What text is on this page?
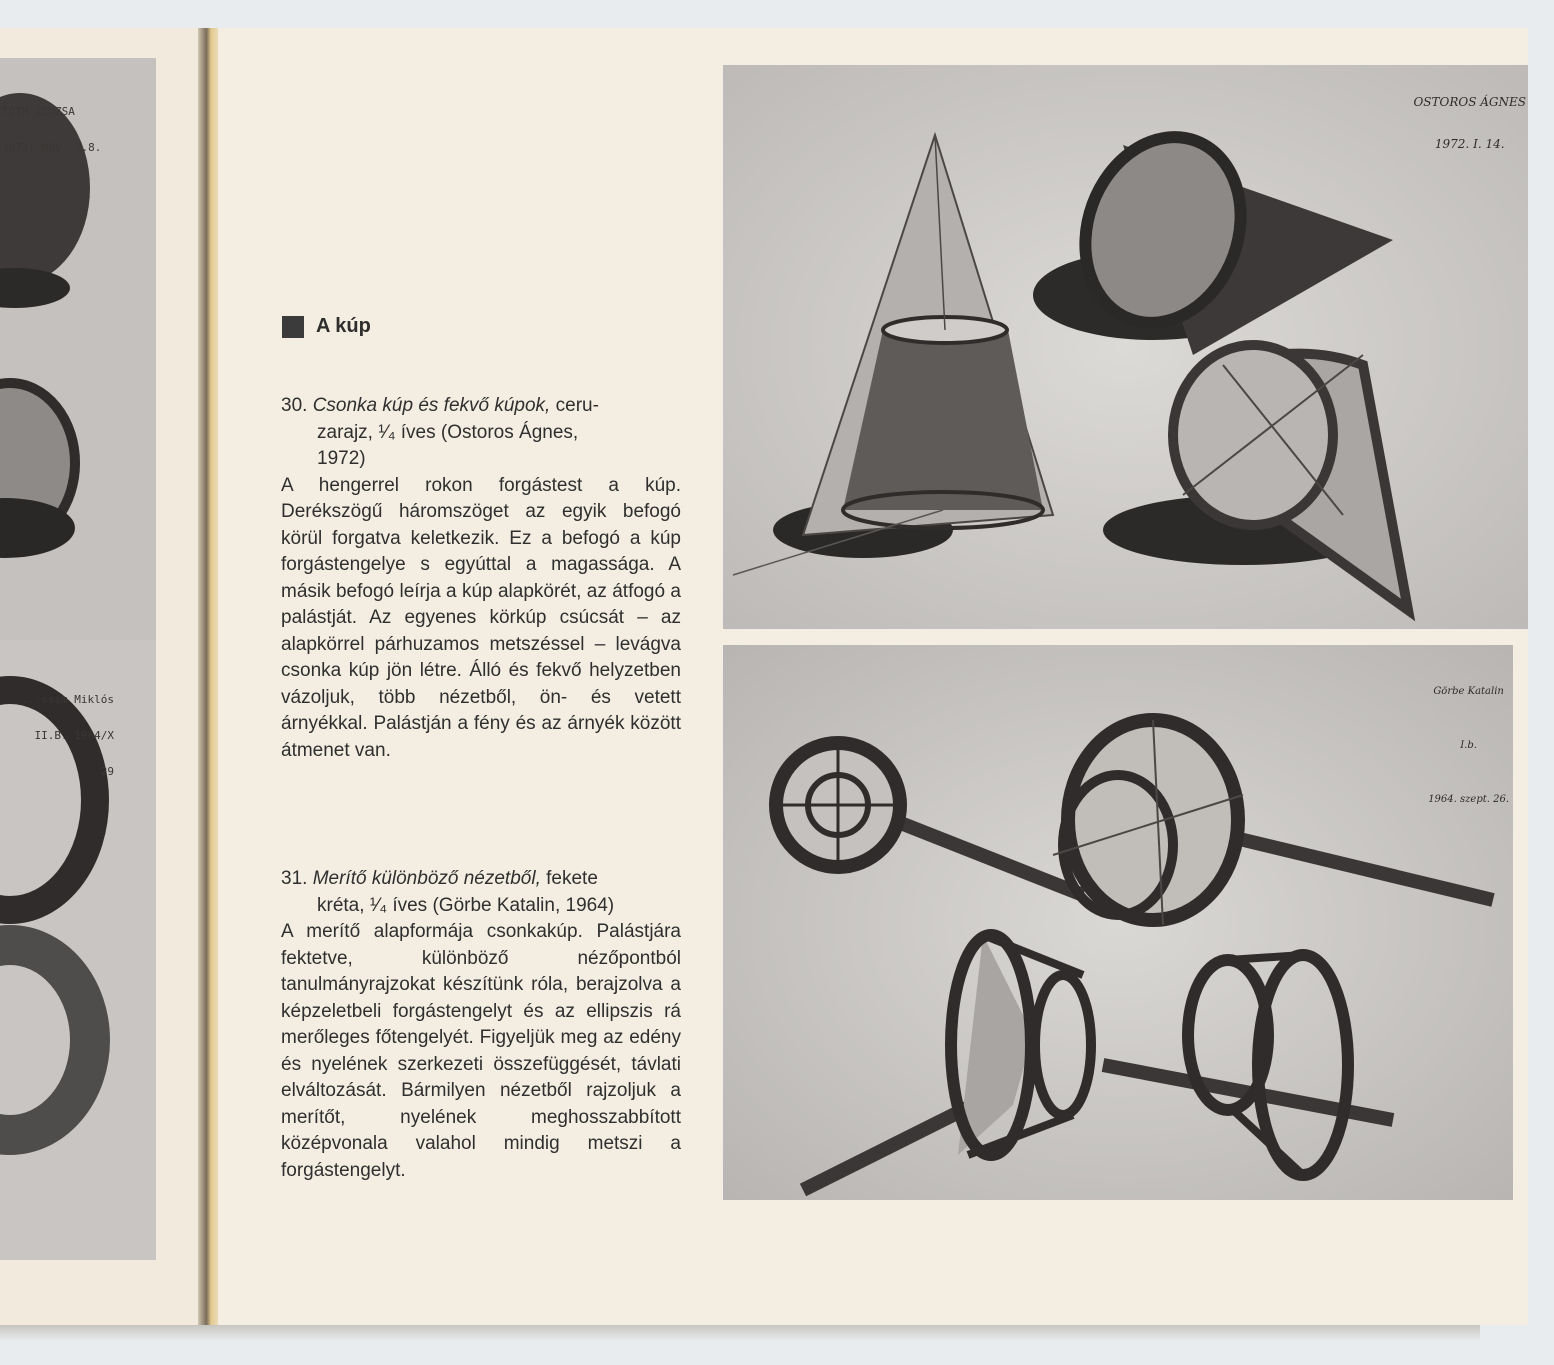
TÓTH ZSUZSA

1971. NOV. 2.8.

...ssim Miklós

II.B. 1964/X

29

A kúp
30. Csonka kúp és fekvő kúpok, ceru-
zarajz, ¹⁄₄ íves (Ostoros Ágnes,
1972)
A hengerrel rokon forgástest a kúp. Derékszögű háromszöget az egyik befogó körül forgatva keletkezik. Ez a befogó a kúp forgástengelye s egyúttal a magassága. A másik befogó leírja a kúp alapkörét, az átfogó a palástját. Az egyenes körkúp csúcsát – az alapkörrel párhuzamos metszéssel – levágva csonka kúp jön létre. Álló és fekvő helyzetben vázoljuk, több nézetből, ön- és vetett árnyékkal. Palástján a fény és az árnyék között átmenet van.
31. Merítő különböző nézetből, fekete
kréta, ¹⁄₄ íves (Görbe Katalin, 1964)
A merítő alapformája csonkakúp. Palástjára fektetve, különböző nézőpontból tanulmányrajzokat készítünk róla, berajzolva a képzeletbeli forgástengelyt és az ellipszis rá merőleges főtengelyét. Figyeljük meg az edény és nyelének szerkezeti összefüggését, távlati elváltozását. Bármilyen nézetből rajzoljuk a merítőt, nyelének meghosszabbított középvonala valahol mindig metszi a forgástengelyt.

OSTOROS ÁGNES

1972. I. 14.

Görbe Katalin

I.b.

1964. szept. 26.
